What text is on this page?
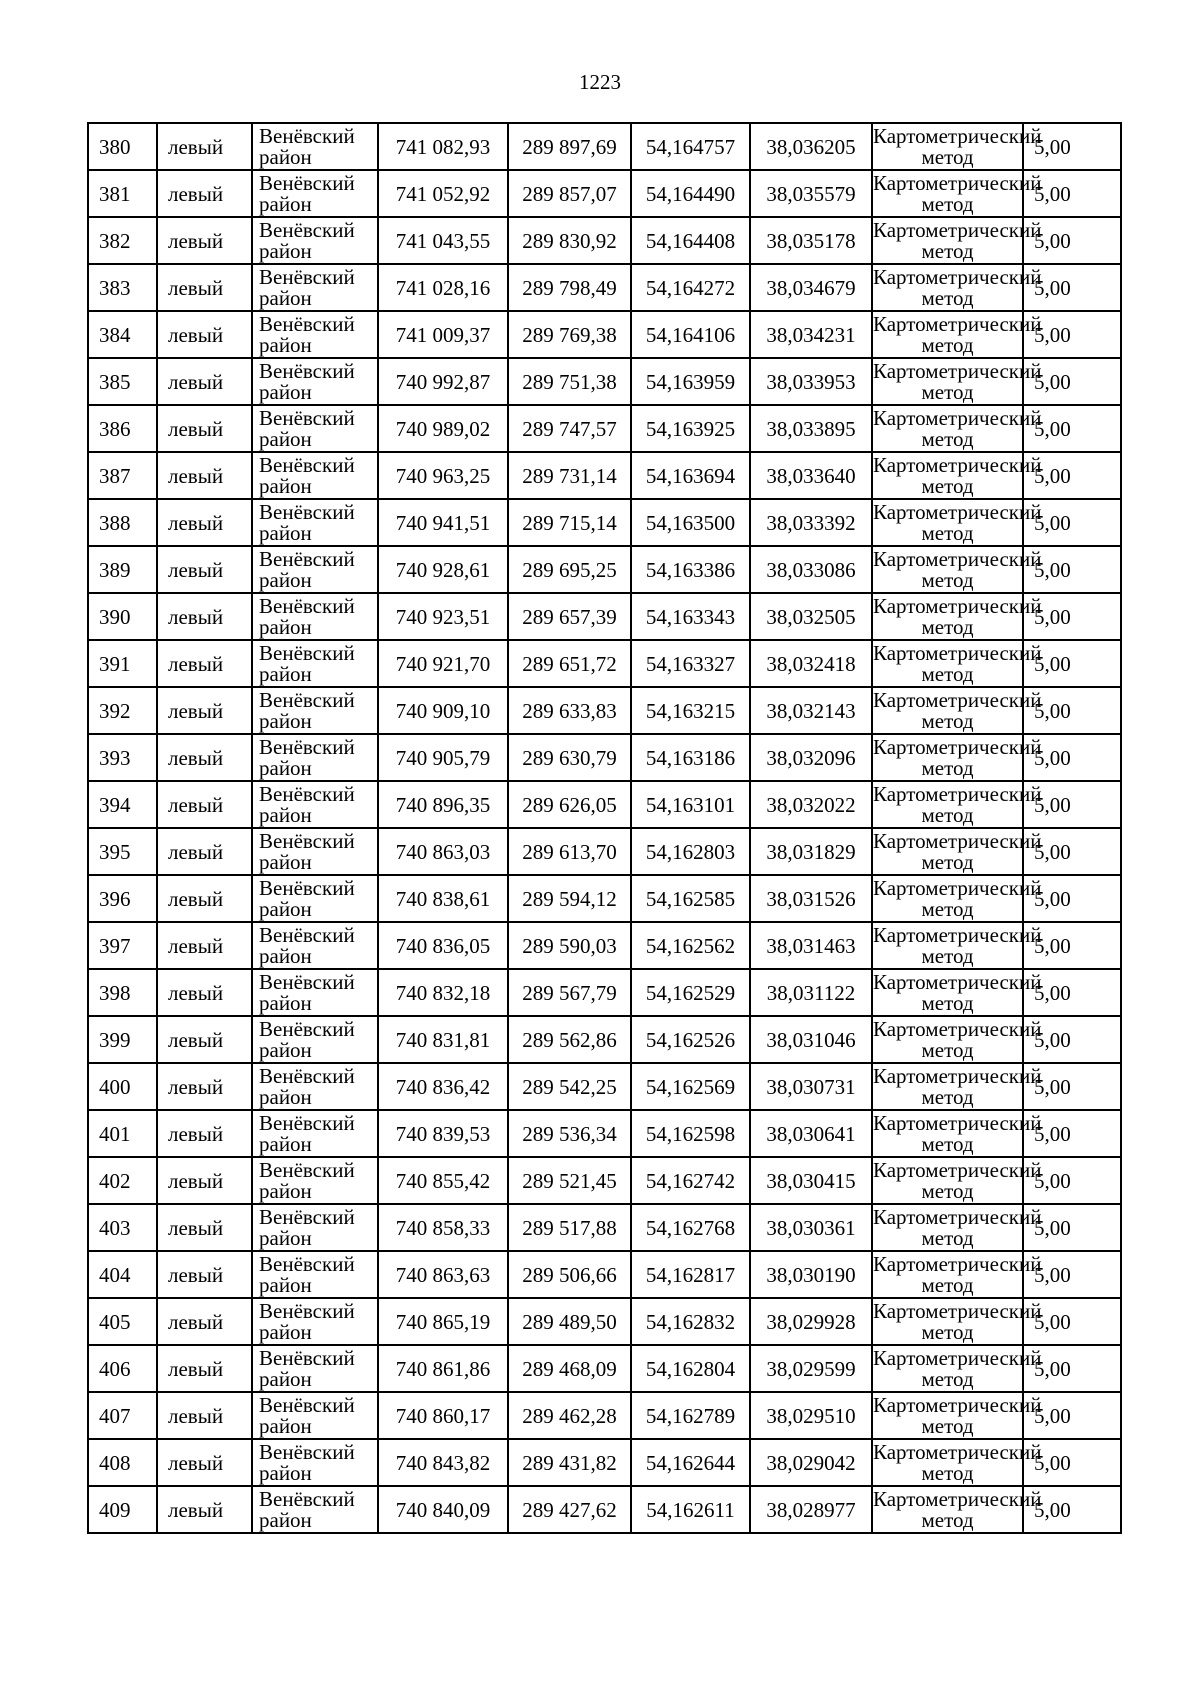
1223
380	левый	Венёвский район	741 082,93	289 897,69	54,164757	38,036205	Картометрический метод	5,00
381	левый	Венёвский район	741 052,92	289 857,07	54,164490	38,035579	Картометрический метод	5,00
382	левый	Венёвский район	741 043,55	289 830,92	54,164408	38,035178	Картометрический метод	5,00
383	левый	Венёвский район	741 028,16	289 798,49	54,164272	38,034679	Картометрический метод	5,00
384	левый	Венёвский район	741 009,37	289 769,38	54,164106	38,034231	Картометрический метод	5,00
385	левый	Венёвский район	740 992,87	289 751,38	54,163959	38,033953	Картометрический метод	5,00
386	левый	Венёвский район	740 989,02	289 747,57	54,163925	38,033895	Картометрический метод	5,00
387	левый	Венёвский район	740 963,25	289 731,14	54,163694	38,033640	Картометрический метод	5,00
388	левый	Венёвский район	740 941,51	289 715,14	54,163500	38,033392	Картометрический метод	5,00
389	левый	Венёвский район	740 928,61	289 695,25	54,163386	38,033086	Картометрический метод	5,00
390	левый	Венёвский район	740 923,51	289 657,39	54,163343	38,032505	Картометрический метод	5,00
391	левый	Венёвский район	740 921,70	289 651,72	54,163327	38,032418	Картометрический метод	5,00
392	левый	Венёвский район	740 909,10	289 633,83	54,163215	38,032143	Картометрический метод	5,00
393	левый	Венёвский район	740 905,79	289 630,79	54,163186	38,032096	Картометрический метод	5,00
394	левый	Венёвский район	740 896,35	289 626,05	54,163101	38,032022	Картометрический метод	5,00
395	левый	Венёвский район	740 863,03	289 613,70	54,162803	38,031829	Картометрический метод	5,00
396	левый	Венёвский район	740 838,61	289 594,12	54,162585	38,031526	Картометрический метод	5,00
397	левый	Венёвский район	740 836,05	289 590,03	54,162562	38,031463	Картометрический метод	5,00
398	левый	Венёвский район	740 832,18	289 567,79	54,162529	38,031122	Картометрический метод	5,00
399	левый	Венёвский район	740 831,81	289 562,86	54,162526	38,031046	Картометрический метод	5,00
400	левый	Венёвский район	740 836,42	289 542,25	54,162569	38,030731	Картометрический метод	5,00
401	левый	Венёвский район	740 839,53	289 536,34	54,162598	38,030641	Картометрический метод	5,00
402	левый	Венёвский район	740 855,42	289 521,45	54,162742	38,030415	Картометрический метод	5,00
403	левый	Венёвский район	740 858,33	289 517,88	54,162768	38,030361	Картометрический метод	5,00
404	левый	Венёвский район	740 863,63	289 506,66	54,162817	38,030190	Картометрический метод	5,00
405	левый	Венёвский район	740 865,19	289 489,50	54,162832	38,029928	Картометрический метод	5,00
406	левый	Венёвский район	740 861,86	289 468,09	54,162804	38,029599	Картометрический метод	5,00
407	левый	Венёвский район	740 860,17	289 462,28	54,162789	38,029510	Картометрический метод	5,00
408	левый	Венёвский район	740 843,82	289 431,82	54,162644	38,029042	Картометрический метод	5,00
409	левый	Венёвский район	740 840,09	289 427,62	54,162611	38,028977	Картометрический метод	5,00
